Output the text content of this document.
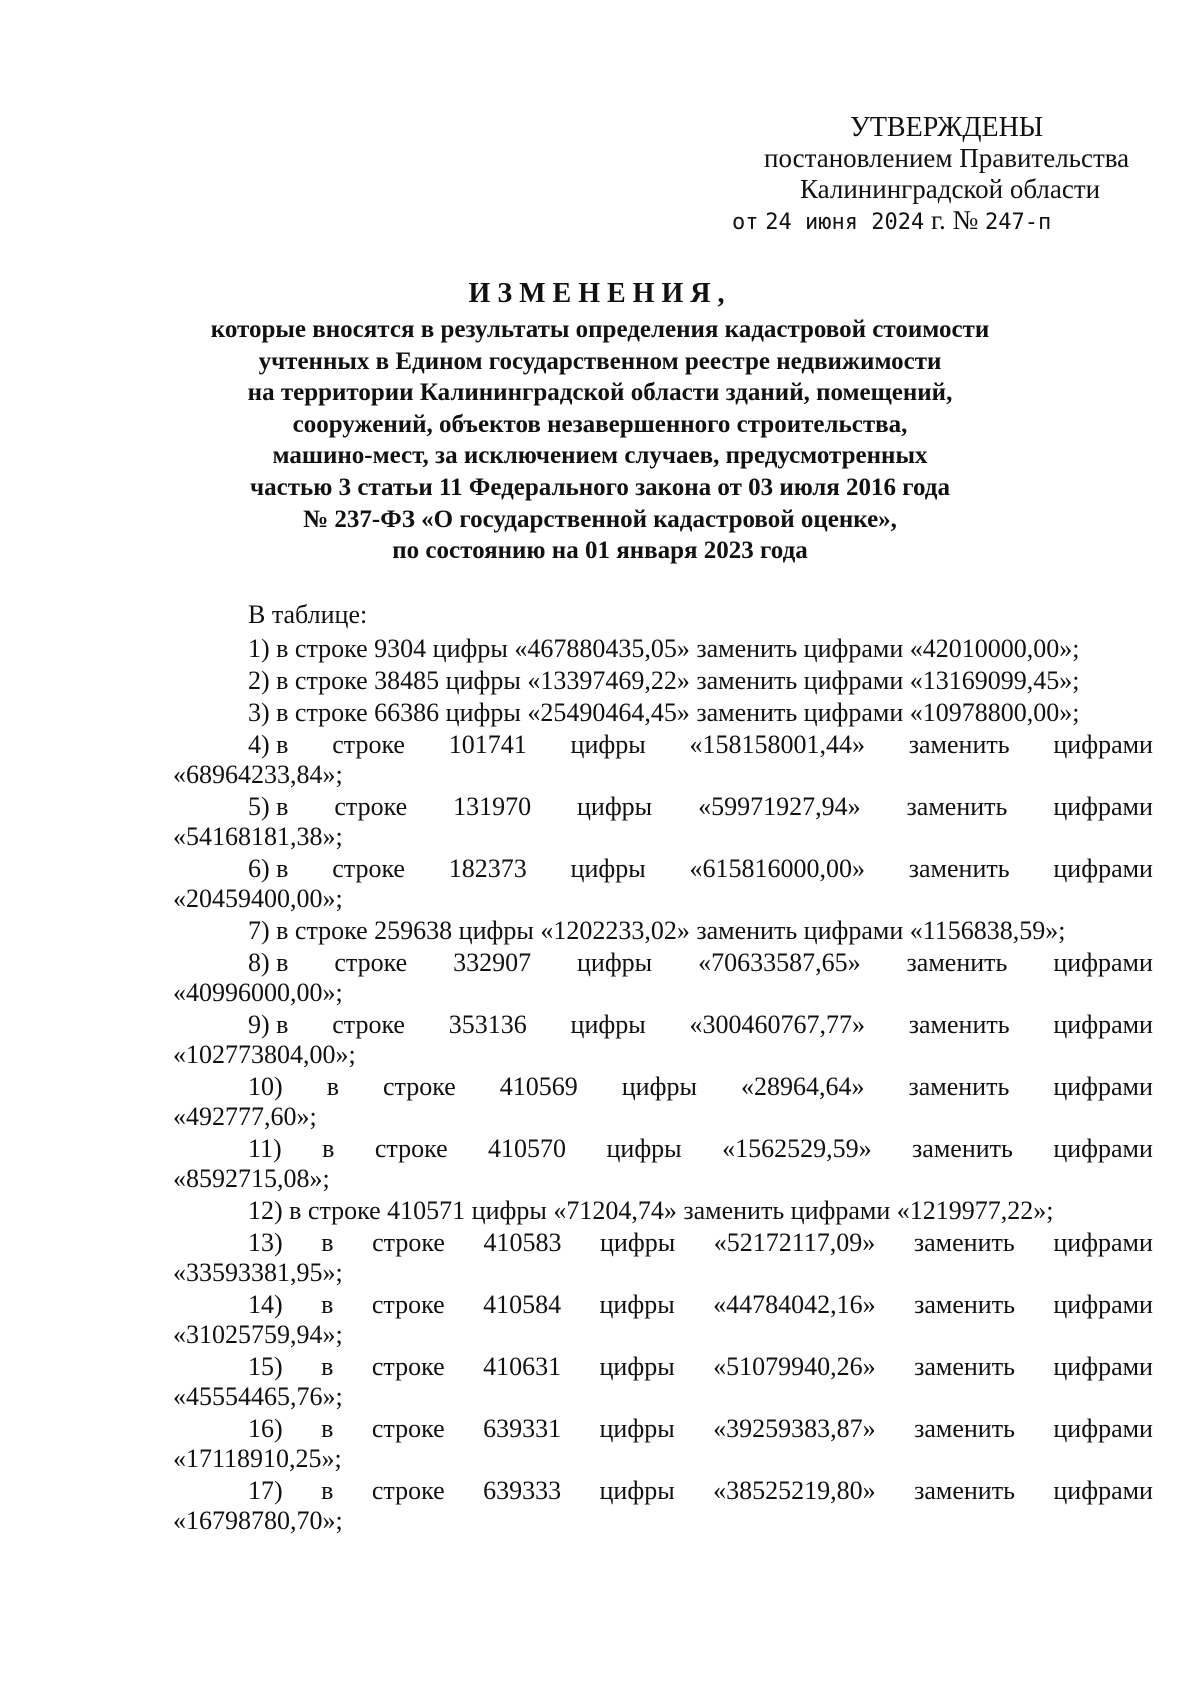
УТВЕРЖДЕНЫ
постановлением Правительства
Калининградской области
от 24 июня 2024 г. № 247-п
ИЗМЕНЕНИЯ,
которые вносятся в результаты определения кадастровой стоимости
учтенных в Едином государственном реестре недвижимости
на территории Калининградской области зданий, помещений,
сооружений, объектов незавершенного строительства,
машино-мест, за исключением случаев, предусмотренных
частью 3 статьи 11 Федерального закона от 03 июля 2016 года
№ 237-ФЗ «О государственной кадастровой оценке»,
по состоянию на 01 января 2023 года
В таблице:
1) в строке 9304 цифры «467880435,05» заменить цифрами «42010000,00»;
2) в строке 38485 цифры «13397469,22» заменить цифрами «13169099,45»;
3) в строке 66386 цифры «25490464,45» заменить цифрами «10978800,00»;
4) в строке 101741 цифры «158158001,44» заменить цифрами
«68964233,84»;
5) в строке 131970 цифры «59971927,94» заменить цифрами
«54168181,38»;
6) в строке 182373 цифры «615816000,00» заменить цифрами
«20459400,00»;
7) в строке 259638 цифры «1202233,02» заменить цифрами «1156838,59»;
8) в строке 332907 цифры «70633587,65» заменить цифрами
«40996000,00»;
9) в строке 353136 цифры «300460767,77» заменить цифрами
«102773804,00»;
10) в строке 410569 цифры «28964,64» заменить цифрами
«492777,60»;
11) в строке 410570 цифры «1562529,59» заменить цифрами
«8592715,08»;
12) в строке 410571 цифры «71204,74» заменить цифрами «1219977,22»;
13) в строке 410583 цифры «52172117,09» заменить цифрами
«33593381,95»;
14) в строке 410584 цифры «44784042,16» заменить цифрами
«31025759,94»;
15) в строке 410631 цифры «51079940,26» заменить цифрами
«45554465,76»;
16) в строке 639331 цифры «39259383,87» заменить цифрами
«17118910,25»;
17) в строке 639333 цифры «38525219,80» заменить цифрами
«16798780,70»;
